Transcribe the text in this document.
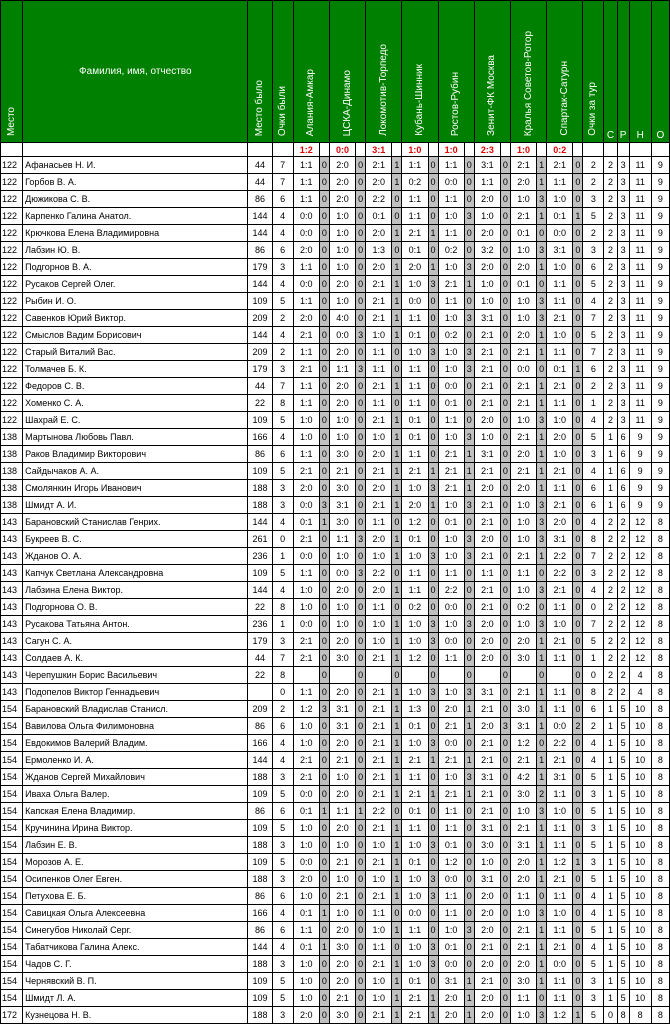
Место	Фамилия, имя, отчество	Место было	Очки были	Алания-Амкар		ЦСКА-Динамо		Локомотив-Торпедо		Кубань-Шинник		Ростов-Рубин		Зенит-ФК Москва		Кралья Советов-Ротор		Спартак-Сатурн		Очки за тур	С	Р	Н	О
				1:2		0:0		3:1		1:0		1:0		2:3		1:0		0:2						
122	Афанасьев Н. И.	44	7	1:1	0	2:0	0	2:1	1	1:1	0	1:1	0	3:1	0	2:1	1	2:1	0	2	2	3	11	9
122	Горбов В. А.	44	7	1:1	0	2:0	0	2:0	1	0:2	0	0:0	0	1:1	0	2:0	1	1:1	0	2	2	3	11	9
122	Дюжикова С. В.	86	6	1:1	0	2:0	0	2:2	0	1:1	0	1:1	0	2:0	0	1:0	3	1:0	0	3	2	3	11	9
122	Карпенко Галина Анатол.	144	4	0:0	0	1:0	0	0:1	0	1:1	0	1:0	3	1:0	0	2:1	1	0:1	1	5	2	3	11	9
122	Крючкова Елена Владимировна	144	4	0:0	0	1:0	0	2:0	1	2:1	1	1:1	0	2:0	0	0:1	0	0:0	0	2	2	3	11	9
122	Лабзин Ю. В.	86	6	2:0	0	1:0	0	1:3	0	0:1	0	0:2	0	3:2	0	1:0	3	3:1	0	3	2	3	11	9
122	Подгорнов В. А.	179	3	1:1	0	1:0	0	2:0	1	2:0	1	1:0	3	2:0	0	2:0	1	1:0	0	6	2	3	11	9
122	Русаков Сергей Олег.	144	4	0:0	0	2:0	0	2:1	1	1:0	3	2:1	1	1:0	0	0:1	0	1:1	0	5	2	3	11	9
122	Рыбин И. О.	109	5	1:1	0	1:0	0	2:1	1	0:0	0	1:1	0	1:0	0	1:0	3	1:1	0	4	2	3	11	9
122	Савенков Юрий Виктор.	209	2	2:0	0	4:0	0	2:1	1	1:1	0	1:0	3	3:1	0	1:0	3	2:1	0	7	2	3	11	9
122	Смыслов Вадим Борисович	144	4	2:1	0	0:0	3	1:0	1	0:1	0	0:2	0	2:1	0	2:0	1	1:0	0	5	2	3	11	9
122	Старый Виталий Вас.	209	2	1:1	0	2:0	0	1:1	0	1:0	3	1:0	3	2:1	0	2:1	1	1:1	0	7	2	3	11	9
122	Толмачев Б. К.	179	3	2:1	0	1:1	3	1:1	0	1:1	0	1:0	3	2:1	0	0:0	0	0:1	1	6	2	3	11	9
122	Федоров С. В.	44	7	1:1	0	2:0	0	2:1	1	1:1	0	0:0	0	2:1	0	2:1	1	2:1	0	2	2	3	11	9
122	Хоменко С. А.	22	8	1:1	0	2:0	0	1:1	0	1:1	0	0:1	0	2:1	0	2:1	1	1:1	0	1	2	3	11	9
122	Шахрай Е. С.	109	5	1:0	0	1:0	0	2:1	1	0:1	0	1:1	0	2:0	0	1:0	3	1:0	0	4	2	3	11	9
138	Мартынова Любовь Павл.	166	4	1:0	0	1:0	0	1:0	1	0:1	0	1:0	3	1:0	0	2:1	1	2:0	0	5	1	6	9	9
138	Раков Владимир Викторович	86	6	1:1	0	3:0	0	2:0	1	1:1	0	2:1	1	3:1	0	2:0	1	1:0	0	3	1	6	9	9
138	Сайдычаков А. А.	109	5	2:1	0	2:1	0	2:1	1	2:1	1	2:1	1	2:1	0	2:1	1	2:1	0	4	1	6	9	9
138	Смолянкин Игорь Иванович	188	3	2:0	0	3:0	0	2:0	1	1:0	3	2:1	1	2:0	0	2:0	1	1:1	0	6	1	6	9	9
138	Шмидт А. И.	188	3	0:0	3	3:1	0	2:1	1	2:0	1	1:0	3	2:1	0	1:0	3	2:1	0	6	1	6	9	9
143	Барановский Станислав Генрих.	144	4	0:1	1	3:0	0	1:1	0	1:2	0	0:1	0	2:1	0	1:0	3	2:0	0	4	2	2	12	8
143	Букреев В. С.	261	0	2:1	0	1:1	3	2:0	1	0:1	0	1:0	3	2:0	0	1:0	3	3:1	0	8	2	2	12	8
143	Жданов О. А.	236	1	0:0	0	1:0	0	1:0	1	1:0	3	1:0	3	2:1	0	2:1	1	2:2	0	7	2	2	12	8
143	Капчук Светлана Александровна	109	5	1:1	0	0:0	3	2:2	0	1:1	0	1:1	0	1:1	0	1:1	0	2:2	0	3	2	2	12	8
143	Лабзина Елена Виктор.	144	4	1:0	0	2:0	0	2:0	1	1:1	0	2:2	0	2:1	0	1:0	3	2:1	0	4	2	2	12	8
143	Подгорнова О. В.	22	8	1:0	0	1:0	0	1:1	0	0:2	0	0:0	0	2:1	0	0:2	0	1:1	0	0	2	2	12	8
143	Русакова Татьяна Антон.	236	1	0:0	0	1:0	0	1:0	1	1:0	3	1:0	3	2:0	0	1:0	3	1:0	0	7	2	2	12	8
143	Сагун С. А.	179	3	2:1	0	2:0	0	1:0	1	1:0	3	0:0	0	2:0	0	2:0	1	2:1	0	5	2	2	12	8
143	Солдаев А. К.	44	7	2:1	0	3:0	0	2:1	1	1:2	0	1:1	0	2:0	0	3:0	1	1:1	0	1	2	2	12	8
143	Черепушкин Борис Васильевич	22	8		0		0		0		0		0		0		0		0	0	2	2	4	8
143	Подопелов Виктор Геннадьевич		0	1:1	0	2:0	0	2:1	1	1:0	3	1:0	3	3:1	0	2:1	1	1:1	0	8	2	2	4	8
154	Барановский Владислав Станисл.	209	2	1:2	3	3:1	0	2:1	1	1:3	0	2:0	1	2:1	0	3:0	1	1:1	0	6	1	5	10	8
154	Вавилова Ольга Филимоновна	86	6	1:0	0	3:1	0	2:1	1	0:1	0	2:1	1	2:0	3	3:1	1	0:0	2	2	1	5	10	8
154	Евдокимов Валерий Владим.	166	4	1:0	0	2:0	0	2:1	1	1:0	3	0:0	0	2:1	0	1:2	0	2:2	0	4	1	5	10	8
154	Ермоленко И. А.	144	4	2:1	0	2:1	0	2:1	1	2:1	1	2:1	1	2:1	0	2:1	1	2:1	0	4	1	5	10	8
154	Жданов Сергей Михайлович	188	3	2:1	0	1:0	0	2:1	1	1:1	0	1:0	3	3:1	0	4:2	1	3:1	0	5	1	5	10	8
154	Ивахa Ольга Валер.	109	5	0:0	0	2:0	0	2:1	1	2:1	1	2:1	1	2:1	0	3:0	2	1:1	0	3	1	5	10	8
154	Капская Елена Владимир.	86	6	0:1	1	1:1	1	2:2	0	0:1	0	1:1	0	2:1	0	1:0	3	1:0	0	5	1	5	10	8
154	Кручинина Ирина Виктор.	109	5	1:0	0	2:0	0	2:1	1	1:1	0	1:1	0	3:1	0	2:1	1	1:1	0	3	1	5	10	8
154	Лабзин Е. В.	188	3	1:0	0	1:0	0	1:0	1	1:0	3	0:1	0	3:0	0	3:1	1	1:1	0	5	1	5	10	8
154	Морозов А. Е.	109	5	0:0	0	2:1	0	2:1	1	0:1	0	1:2	0	1:0	0	2:0	1	1:2	1	3	1	5	10	8
154	Осипенков Олег Евген.	188	3	2:0	0	1:0	0	1:0	1	1:0	3	0:0	0	3:1	0	2:0	1	2:1	0	5	1	5	10	8
154	Петухова Е. Б.	86	6	1:0	0	2:1	0	2:1	1	1:0	3	1:1	0	2:0	0	1:1	0	1:1	0	4	1	5	10	8
154	Савицкая Ольга Алексеевна	166	4	0:1	1	1:0	0	1:1	0	0:0	0	1:1	0	2:0	0	1:0	3	1:0	0	4	1	5	10	8
154	Синегубов Николай Серг.	86	6	1:1	0	2:0	0	1:0	1	1:1	0	1:0	3	2:0	0	2:1	1	1:1	0	5	1	5	10	8
154	Табатчикова Галина Алекс.	144	4	0:1	1	3:0	0	1:1	0	1:0	3	0:1	0	2:1	0	2:1	1	2:1	0	4	1	5	10	8
154	Чадов С. Г.	188	3	1:0	0	2:0	0	2:1	1	1:0	3	0:0	0	2:0	0	2:0	1	0:0	0	5	1	5	10	8
154	Чернявский В. П.	109	5	1:0	0	2:0	0	1:0	1	0:1	0	3:1	1	2:1	0	3:0	1	1:1	0	3	1	5	10	8
154	Шмидт Л. А.	109	5	1:0	0	2:1	0	1:0	1	2:1	1	2:0	1	2:0	0	1:1	0	1:1	0	3	1	5	10	8
172	Кузнецова Н. В.	188	3	2:0	0	3:0	0	2:1	1	2:1	1	2:0	1	2:0	0	1:0	3	1:2	1	5	0	8	8	8
